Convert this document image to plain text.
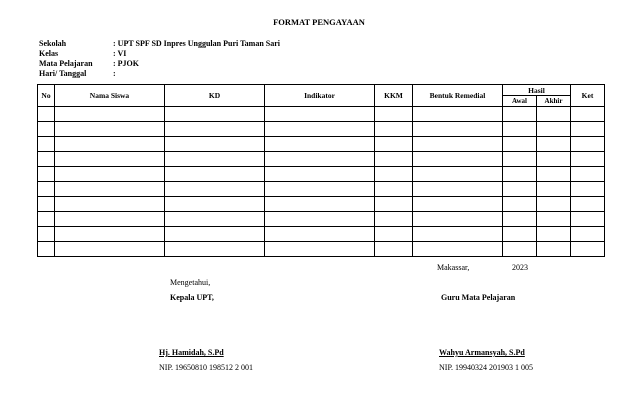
FORMAT PENGAYAAN
Sekolah	: UPT SPF SD Inpres Unggulan Puri Taman Sari
Kelas	: VI
Mata Pelajaran	: PJOK
Hari/ Tanggal	:
No	Nama Siswa	KD	Indikator	KKM	Bentuk Remedial	Hasil		Ket
						Awal	Akhir	

Makassar,	2023
Mengetahui,
Kepala UPT,	Guru Mata Pelajaran
Hj. Hamidah, S.Pd	Wahyu Armansyah, S.Pd
NIP. 19650810 198512 2 001	NIP. 19940324 201903 1 005
